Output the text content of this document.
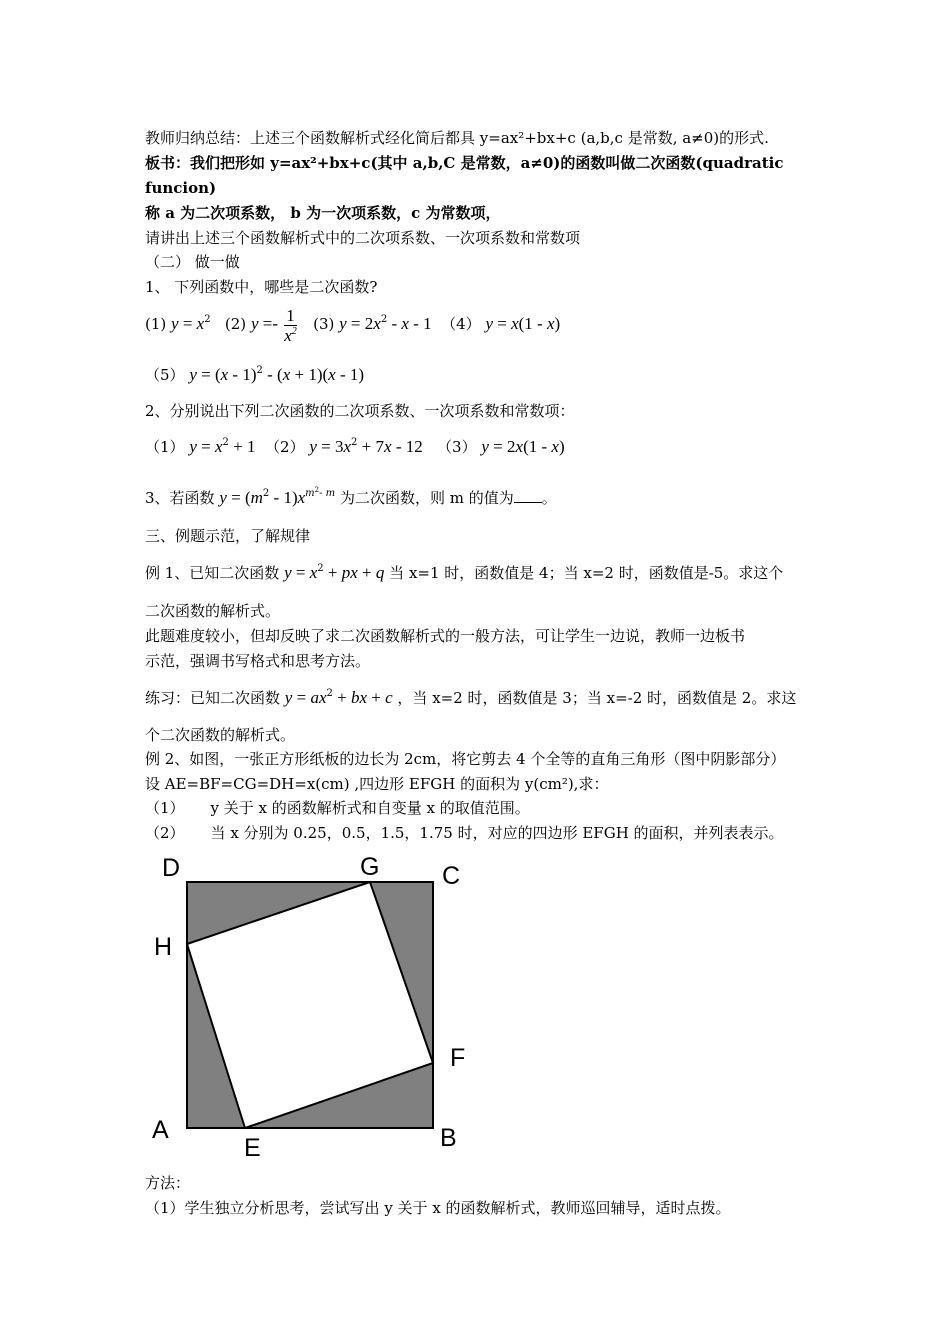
教师归纳总结：上述三个函数解析式经化简后都具 y=ax²+bx+c (a,b,c 是常数, a≠0)的形式.
板书：我们把形如 y=ax²+bx+c(其中 a,b,C 是常数，a≠0)的函数叫做二次函数(quadratic
funcion)
称 a 为二次项系数， b 为一次项系数，c 为常数项，
请讲出上述三个函数解析式中的二次项系数、一次项系数和常数项
（二） 做一做
1、 下列函数中，哪些是二次函数?
(1) $y = x^2$ (2) $y =- \frac{1}{x^2} (3) y = 2x^2 - x - 1$ （4） y = x(1 - x)
（5） y = (x - 1)$^2$ - (x + 1)(x - 1)
2、分别说出下列二次函数的二次项系数、一次项系数和常数项：
（1） $y = x^2 + 1$ （2） $y = 3x^2 + 7x - 12$ （3） y = 2x(1 - x)
3、若函数 $y = (m^2 - 1)x^{m^2- m}$ 为二次函数，则 m 的值为 。
三、例题示范，了解规律
例 1、已知二次函数 $y = x^2$ + px + q 当 x=1 时，函数值是 4；当 x=2 时，函数值是-5。求这个
二次函数的解析式。
此题难度较小，但却反映了求二次函数解析式的一般方法，可让学生一边说，教师一边板书
示范，强调书写格式和思考方法。
练习：已知二次函数 $y = ax^2$ + bx + c ，当 x=2 时，函数值是 3；当 x=-2 时，函数值是 2。求这
个二次函数的解析式。
例 2、如图，一张正方形纸板的边长为 2cm，将它剪去 4 个全等的直角三角形（图中阴影部分）
设 AE=BF=CG=DH=x(cm) ,四边形 EFGH 的面积为 y(cm²),求：
（1） y 关于 x 的函数解析式和自变量 x 的取值范围。
（2） 当 x 分别为 0.25，0.5，1.5，1.75 时，对应的四边形 EFGH 的面积，并列表表示。
D	G	C
H
F
A	B
E
方法：
（1）学生独立分析思考，尝试写出 y 关于 x 的函数解析式，教师巡回辅导，适时点拨。
